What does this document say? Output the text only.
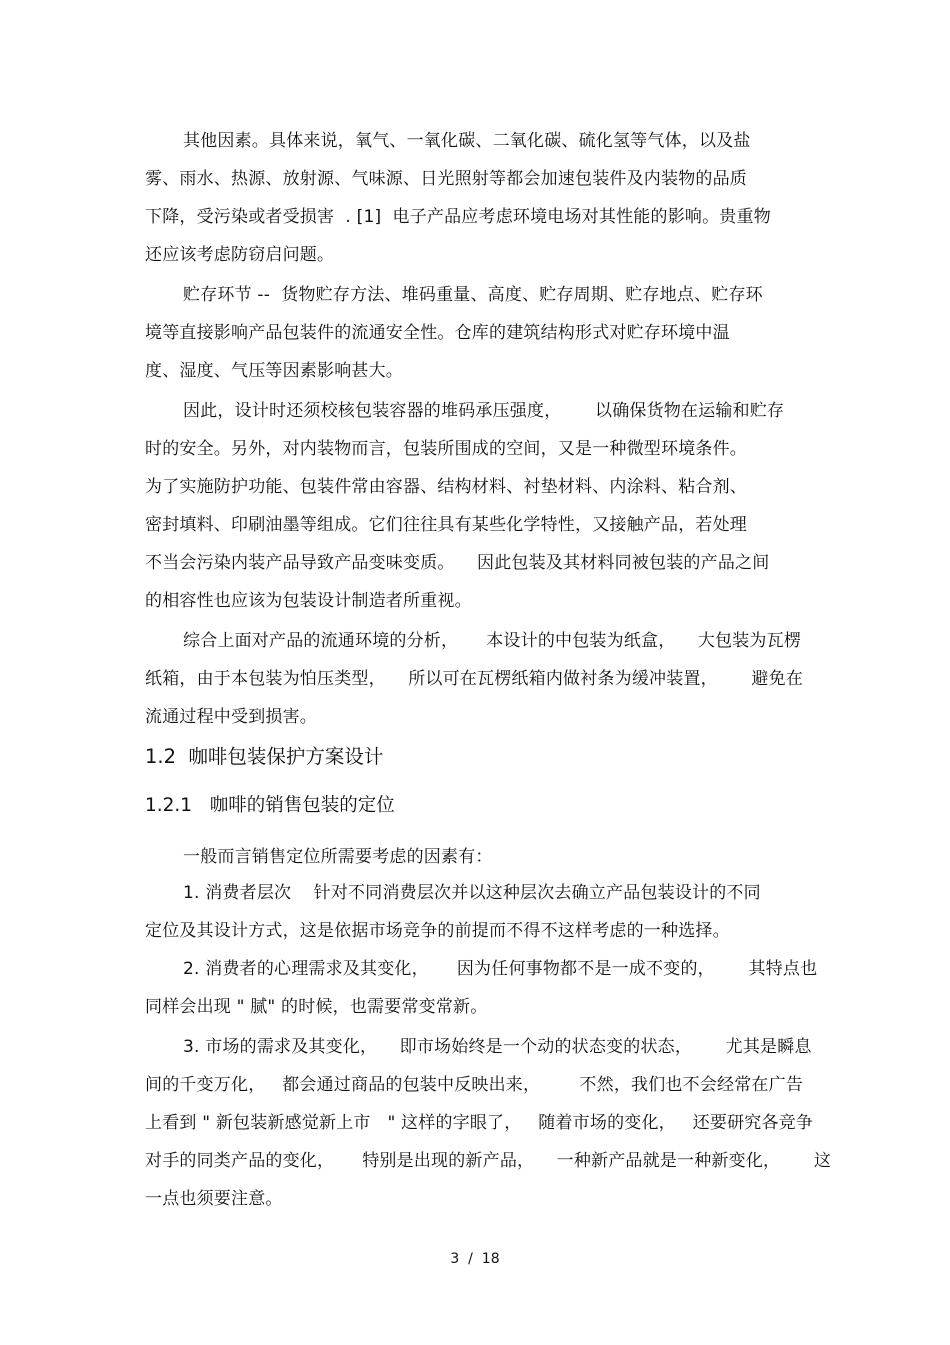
其他因素。具体来说，氧气、一氧化碳、二氧化碳、硫化氢等气体，以及盐
雾、雨水、热源、放射源、气味源、日光照射等都会加速包装件及内装物的品质
下降，受污染或者受损害  . [1]  电子产品应考虑环境电场对其性能的影响。贵重物
还应该考虑防窃启问题。
贮存环节 --  货物贮存方法、堆码重量、高度、贮存周期、贮存地点、贮存环
境等直接影响产品包装件的流通安全性。仓库的建筑结构形式对贮存环境中温
度、湿度、气压等因素影响甚大。
因此，设计时还须校核包装容器的堆码承压强度，      以确保货物在运输和贮存
时的安全。另外，对内装物而言，包装所围成的空间，又是一种微型环境条件。
为了实施防护功能、包装件常由容器、结构材料、衬垫材料、内涂料、粘合剂、
密封填料、印刷油墨等组成。它们往往具有某些化学特性，又接触产品，若处理
不当会污染内装产品导致产品变味变质。    因此包装及其材料同被包装的产品之间
的相容性也应该为包装设计制造者所重视。
综合上面对产品的流通环境的分析，     本设计的中包装为纸盒，    大包装为瓦楞
纸箱，由于本包装为怕压类型，    所以可在瓦楞纸箱内做衬条为缓冲装置，      避免在
流通过程中受到损害。
1.2  咖啡包装保护方案设计
1.2.1   咖啡的销售包装的定位
一般而言销售定位所需要考虑的因素有：
1. 消费者层次    针对不同消费层次并以这种层次去确立产品包装设计的不同
定位及其设计方式，这是依据市场竞争的前提而不得不这样考虑的一种选择。
2. 消费者的心理需求及其变化，     因为任何事物都不是一成不变的，      其特点也
同样会出现 " 腻" 的时候，也需要常变常新。
3. 市场的需求及其变化，    即市场始终是一个动的状态变的状态，      尤其是瞬息
间的千变万化，   都会通过商品的包装中反映出来，       不然，我们也不会经常在广告
上看到 " 新包装新感觉新上市   " 这样的字眼了，   随着市场的变化，   还要研究各竞争
对手的同类产品的变化，     特别是出现的新产品，    一种新产品就是一种新变化，      这
一点也须要注意。
3  /  18
